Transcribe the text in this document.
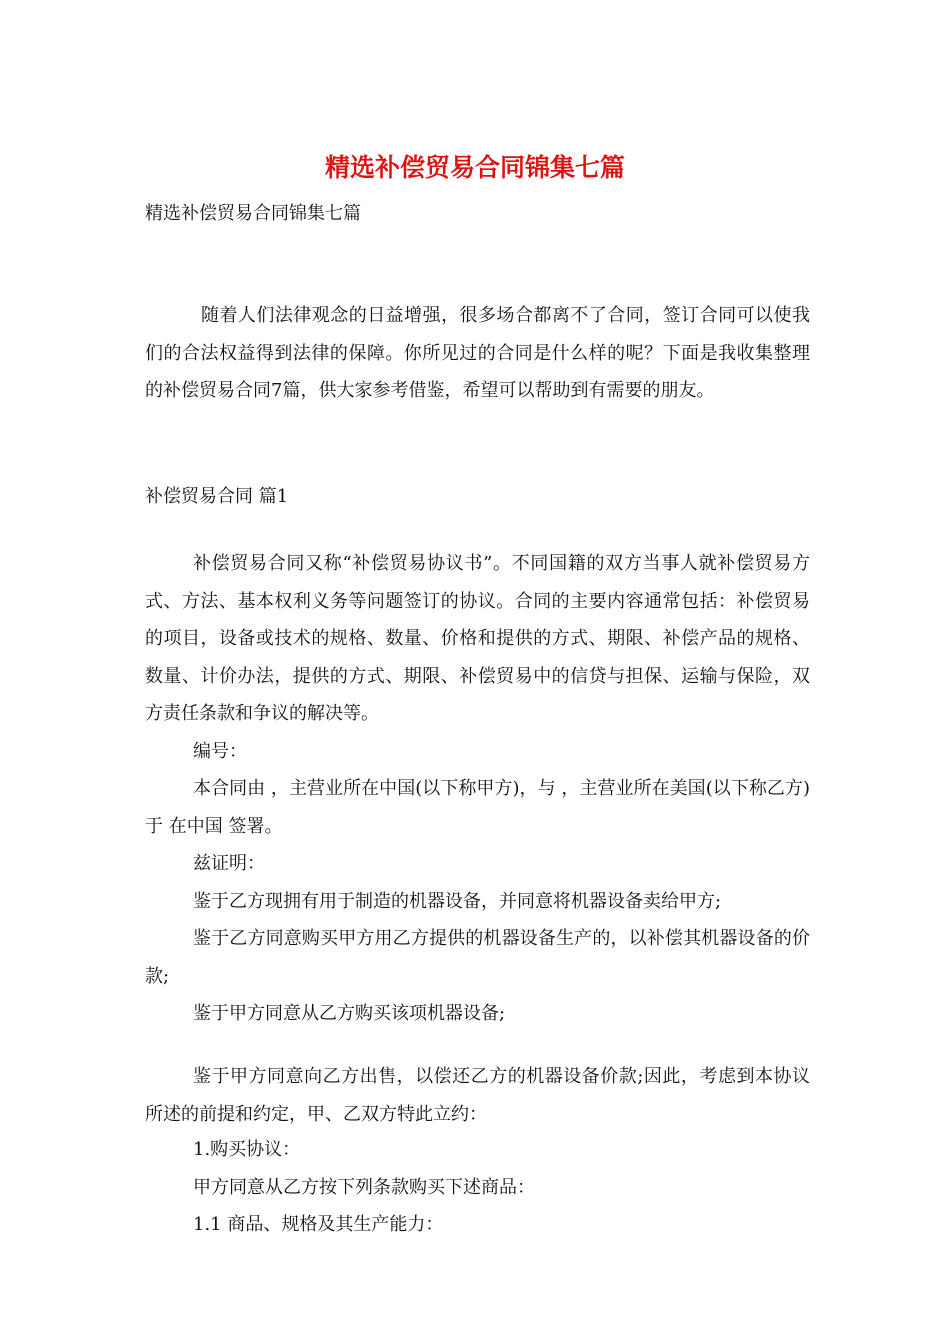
精选补偿贸易合同锦集七篇

精选补偿贸易合同锦集七篇

随着人们法律观念的日益增强，很多场合都离不了合同，签订合同可以使我们的合法权益得到法律的保障。你所见过的合同是什么样的呢？下面是我收集整理的补偿贸易合同7篇，供大家参考借鉴，希望可以帮助到有需要的朋友。

补偿贸易合同 篇1

补偿贸易合同又称“补偿贸易协议书”。不同国籍的双方当事人就补偿贸易方式、方法、基本权利义务等问题签订的协议。合同的主要内容通常包括：补偿贸易的项目，设备或技术的规格、数量、价格和提供的方式、期限、补偿产品的规格、数量、计价办法，提供的方式、期限、补偿贸易中的信贷与担保、运输与保险，双方责任条款和争议的解决等。

编号：

本合同由 ，主营业所在中国(以下称甲方)，与 ，主营业所在美国(以下称乙方)于 在中国 签署。

兹证明：

鉴于乙方现拥有用于制造的机器设备，并同意将机器设备卖给甲方;

鉴于乙方同意购买甲方用乙方提供的机器设备生产的，以补偿其机器设备的价款;

鉴于甲方同意从乙方购买该项机器设备;

鉴于甲方同意向乙方出售，以偿还乙方的机器设备价款;因此，考虑到本协议所述的前提和约定，甲、乙双方特此立约：

1.购买协议：

甲方同意从乙方按下列条款购买下述商品：

1.1 商品、规格及其生产能力：
